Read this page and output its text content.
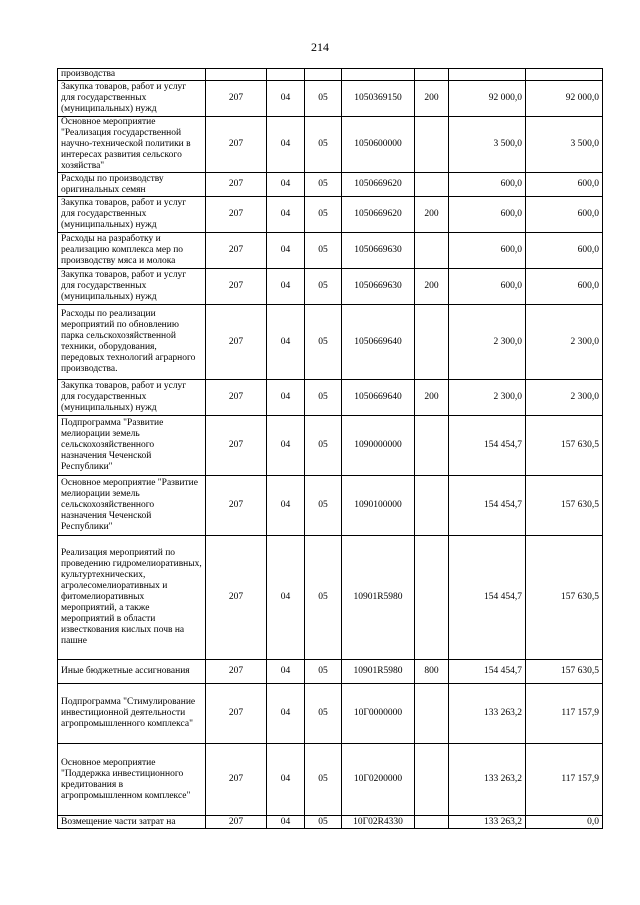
214
производства							
Закупка товаров, работ и услуг для государственных (муниципальных) нужд	207	04	05	1050369150	200	92 000,0	92 000,0
Основное мероприятие "Реализация государственной научно-технической политики в интересах развития сельского хозяйства"	207	04	05	1050600000		3 500,0	3 500,0
Расходы по производству оригинальных семян	207	04	05	1050669620		600,0	600,0
Закупка товаров, работ и услуг для государственных (муниципальных) нужд	207	04	05	1050669620	200	600,0	600,0
Расходы на разработку и реализацию комплекса мер по производству мяса и молока	207	04	05	1050669630		600,0	600,0
Закупка товаров, работ и услуг для государственных (муниципальных) нужд	207	04	05	1050669630	200	600,0	600,0
Расходы по реализации мероприятий по обновлению парка сельскохозяйственной техники, оборудования, передовых технологий аграрного производства.	207	04	05	1050669640		2 300,0	2 300,0
Закупка товаров, работ и услуг для государственных (муниципальных) нужд	207	04	05	1050669640	200	2 300,0	2 300,0
Подпрограмма "Развитие мелиорации земель сельскохозяйственного назначения Чеченской Республики"	207	04	05	1090000000		154 454,7	157 630,5
Основное мероприятие "Развитие мелиорации земель сельскохозяйственного назначения Чеченской Республики"	207	04	05	1090100000		154 454,7	157 630,5
Реализация мероприятий по проведению гидромелиоративных, культуртехнических, агролесомелиоративных и фитомелиоративных мероприятий, а также мероприятий в области известкования кислых почв на пашне	207	04	05	10901R5980		154 454,7	157 630,5
Иные бюджетные ассигнования	207	04	05	10901R5980	800	154 454,7	157 630,5
Подпрограмма "Стимулирование инвестиционной деятельности агропромышленного комплекса"	207	04	05	10Г0000000		133 263,2	117 157,9
Основное мероприятие "Поддержка инвестиционного кредитования в агропромышленном комплексе"	207	04	05	10Г0200000		133 263,2	117 157,9
Возмещение части затрат на	207	04	05	10Г02R4330		133 263,2	0,0
